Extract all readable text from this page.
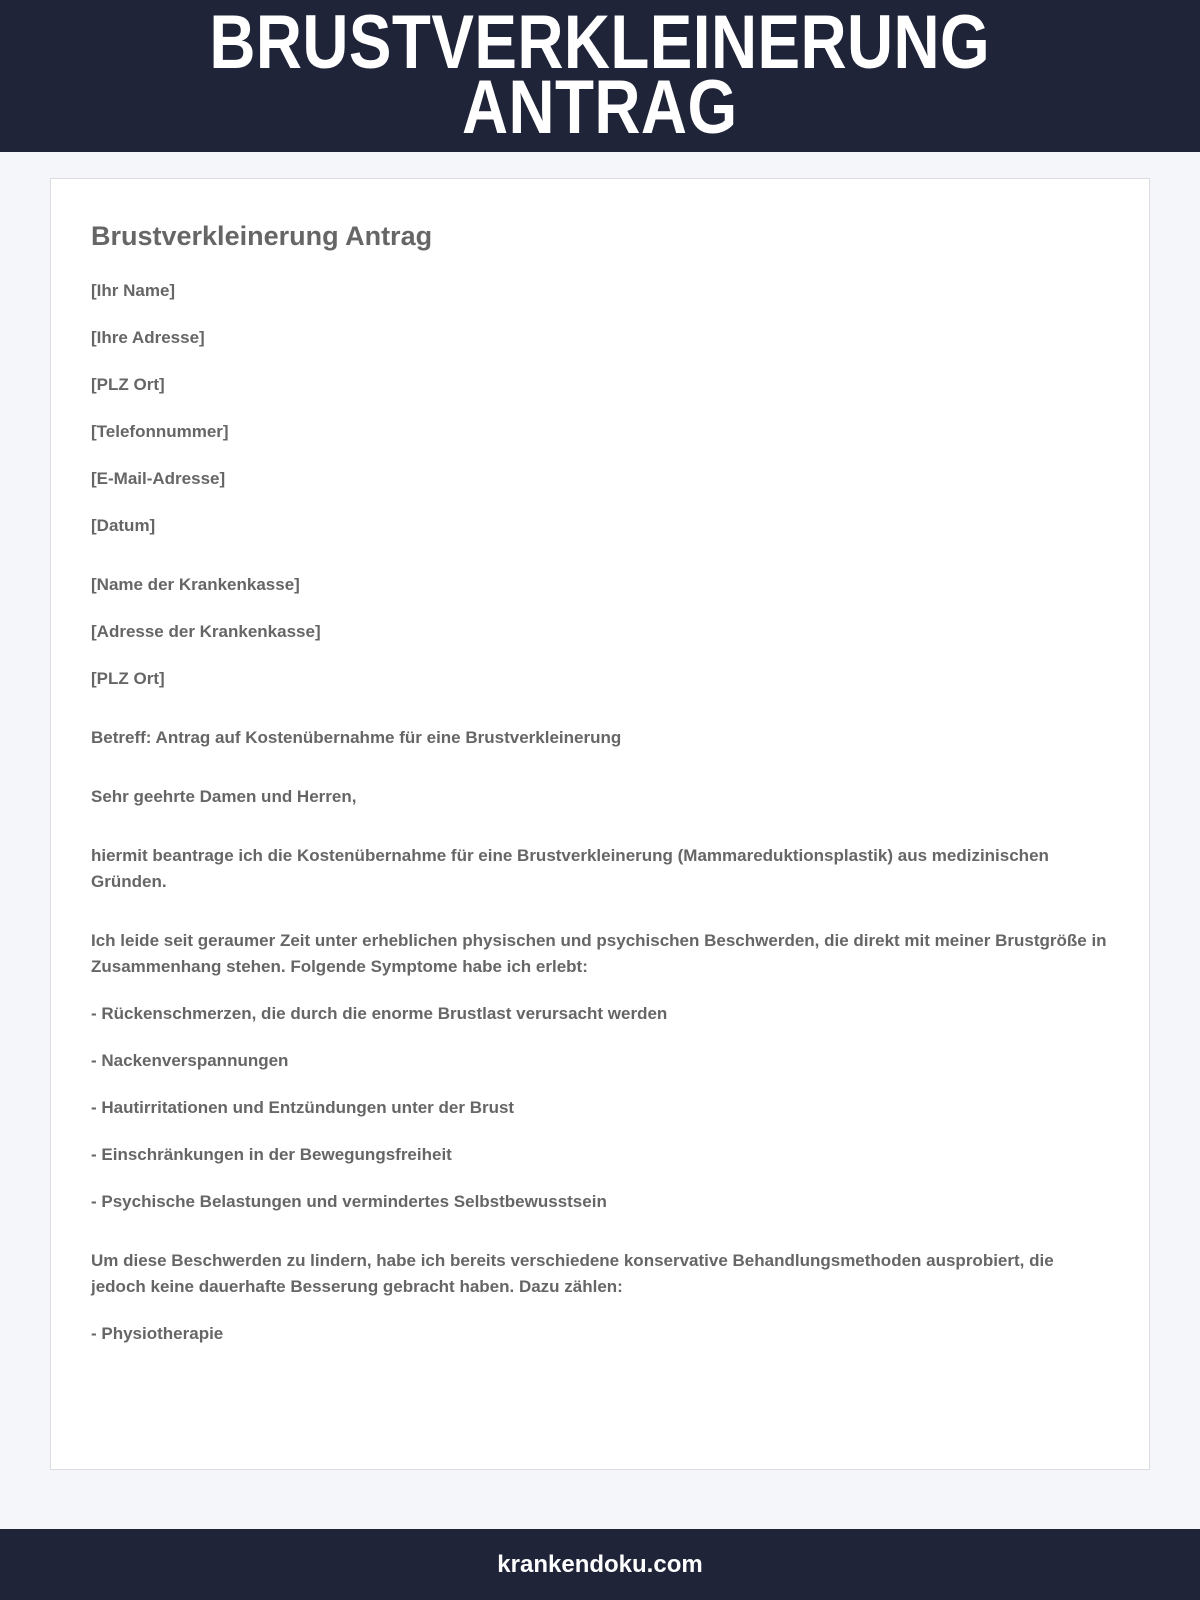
BRUSTVERKLEINERUNG
ANTRAG
Brustverkleinerung Antrag

[Ihr Name]

[Ihre Adresse]

[PLZ Ort]

[Telefonnummer]

[E-Mail-Adresse]

[Datum]

[Name der Krankenkasse]

[Adresse der Krankenkasse]

[PLZ Ort]

Betreff: Antrag auf Kostenübernahme für eine Brustverkleinerung

Sehr geehrte Damen und Herren,

hiermit beantrage ich die Kostenübernahme für eine Brustverkleinerung (Mammareduktionsplastik) aus medizinischen Gründen.

Ich leide seit geraumer Zeit unter erheblichen physischen und psychischen Beschwerden, die direkt mit meiner Brustgröße in Zusammenhang stehen. Folgende Symptome habe ich erlebt:

- Rückenschmerzen, die durch die enorme Brustlast verursacht werden

- Nackenverspannungen

- Hautirritationen und Entzündungen unter der Brust

- Einschränkungen in der Bewegungsfreiheit

- Psychische Belastungen und vermindertes Selbstbewusstsein

Um diese Beschwerden zu lindern, habe ich bereits verschiedene konservative Behandlungsmethoden ausprobiert, die jedoch keine dauerhafte Besserung gebracht haben. Dazu zählen:

- Physiotherapie

krankendoku.com
